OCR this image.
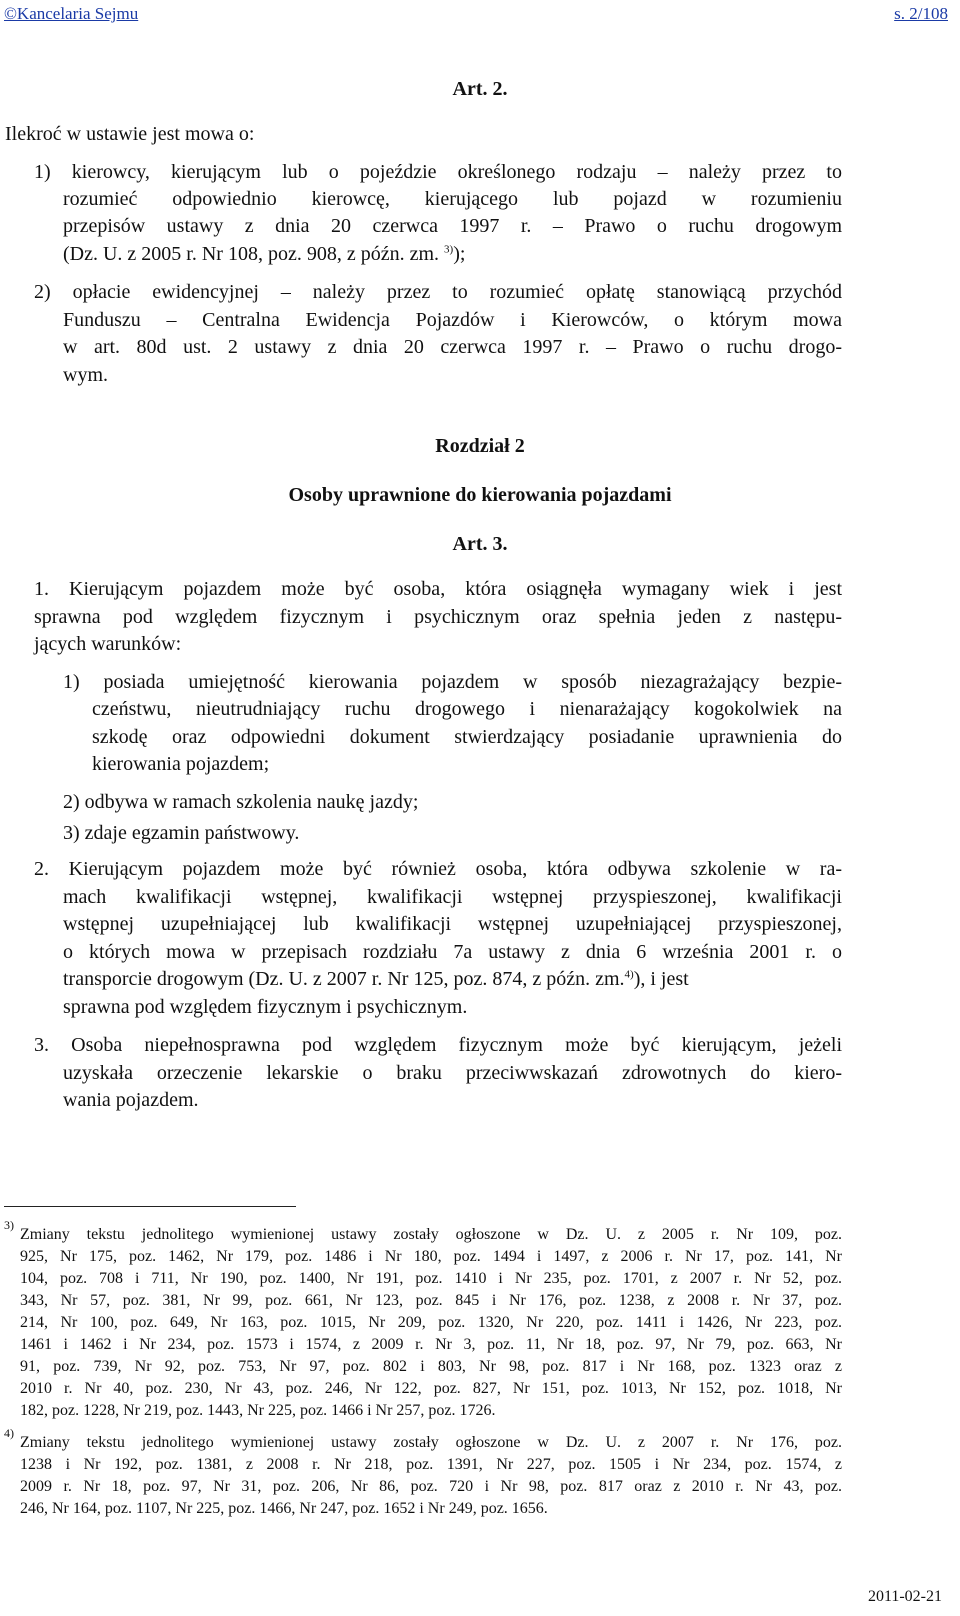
©Kancelaria Sejmu	s. 2/108
Art. 2.
Ilekroć w ustawie jest mowa o:
1) kierowcy, kierującym lub o pojeździe określonego rodzaju – należy przez to
rozumieć odpowiednio kierowcę, kierującego lub pojazd w rozumieniu
przepisów ustawy z dnia 20 czerwca 1997 r. – Prawo o ruchu drogowym
(Dz. U. z 2005 r. Nr 108, poz. 908, z późn. zm. $^{3)}$);
2) opłacie ewidencyjnej – należy przez to rozumieć opłatę stanowiącą przychód
Funduszu – Centralna Ewidencja Pojazdów i Kierowców, o którym mowa
w art. 80d ust. 2 ustawy z dnia 20 czerwca 1997 r. – Prawo o ruchu drogo-
wym.
Rozdział 2
Osoby uprawnione do kierowania pojazdami
Art. 3.
1. Kierującym pojazdem może być osoba, która osiągnęła wymagany wiek i jest
sprawna pod względem fizycznym i psychicznym oraz spełnia jeden z następu-
jących warunków:
1) posiada umiejętność kierowania pojazdem w sposób niezagrażający bezpie-
czeństwu, nieutrudniający ruchu drogowego i nienarażający kogokolwiek na
szkodę oraz odpowiedni dokument stwierdzający posiadanie uprawnienia do
kierowania pojazdem;
2) odbywa w ramach szkolenia naukę jazdy;
3) zdaje egzamin państwowy.
2. Kierującym pojazdem może być również osoba, która odbywa szkolenie w ra-
mach kwalifikacji wstępnej, kwalifikacji wstępnej przyspieszonej, kwalifikacji
wstępnej uzupełniającej lub kwalifikacji wstępnej uzupełniającej przyspieszonej,
o których mowa w przepisach rozdziału 7a ustawy z dnia 6 września 2001 r. o
transporcie drogowym (Dz. U. z 2007 r. Nr 125, poz. 874, z późn. zm.$^{4)}$), i jest
sprawna pod względem fizycznym i psychicznym.
3. Osoba niepełnosprawna pod względem fizycznym może być kierującym, jeżeli
uzyskała orzeczenie lekarskie o braku przeciwwskazań zdrowotnych do kiero-
wania pojazdem.
3)
Zmiany tekstu jednolitego wymienionej ustawy zostały ogłoszone w Dz. U. z 2005 r. Nr 109, poz.
925, Nr 175, poz. 1462, Nr 179, poz. 1486 i Nr 180, poz. 1494 i 1497, z 2006 r. Nr 17, poz. 141, Nr
104, poz. 708 i 711, Nr 190, poz. 1400, Nr 191, poz. 1410 i Nr 235, poz. 1701, z 2007 r. Nr 52, poz.
343, Nr 57, poz. 381, Nr 99, poz. 661, Nr 123, poz. 845 i Nr 176, poz. 1238, z 2008 r. Nr 37, poz.
214, Nr 100, poz. 649, Nr 163, poz. 1015, Nr 209, poz. 1320, Nr 220, poz. 1411 i 1426, Nr 223, poz.
1461 i 1462 i Nr 234, poz. 1573 i 1574, z 2009 r. Nr 3, poz. 11, Nr 18, poz. 97, Nr 79, poz. 663, Nr
91, poz. 739, Nr 92, poz. 753, Nr 97, poz. 802 i 803, Nr 98, poz. 817 i Nr 168, poz. 1323 oraz z
2010 r. Nr 40, poz. 230, Nr 43, poz. 246, Nr 122, poz. 827, Nr 151, poz. 1013, Nr 152, poz. 1018, Nr
182, poz. 1228, Nr 219, poz. 1443, Nr 225, poz. 1466 i Nr 257, poz. 1726.
4)
Zmiany tekstu jednolitego wymienionej ustawy zostały ogłoszone w Dz. U. z 2007 r. Nr 176, poz.
1238 i Nr 192, poz. 1381, z 2008 r. Nr 218, poz. 1391, Nr 227, poz. 1505 i Nr 234, poz. 1574, z
2009 r. Nr 18, poz. 97, Nr 31, poz. 206, Nr 86, poz. 720 i Nr 98, poz. 817 oraz z 2010 r. Nr 43, poz.
246, Nr 164, poz. 1107, Nr 225, poz. 1466, Nr 247, poz. 1652 i Nr 249, poz. 1656.
2011-02-21
